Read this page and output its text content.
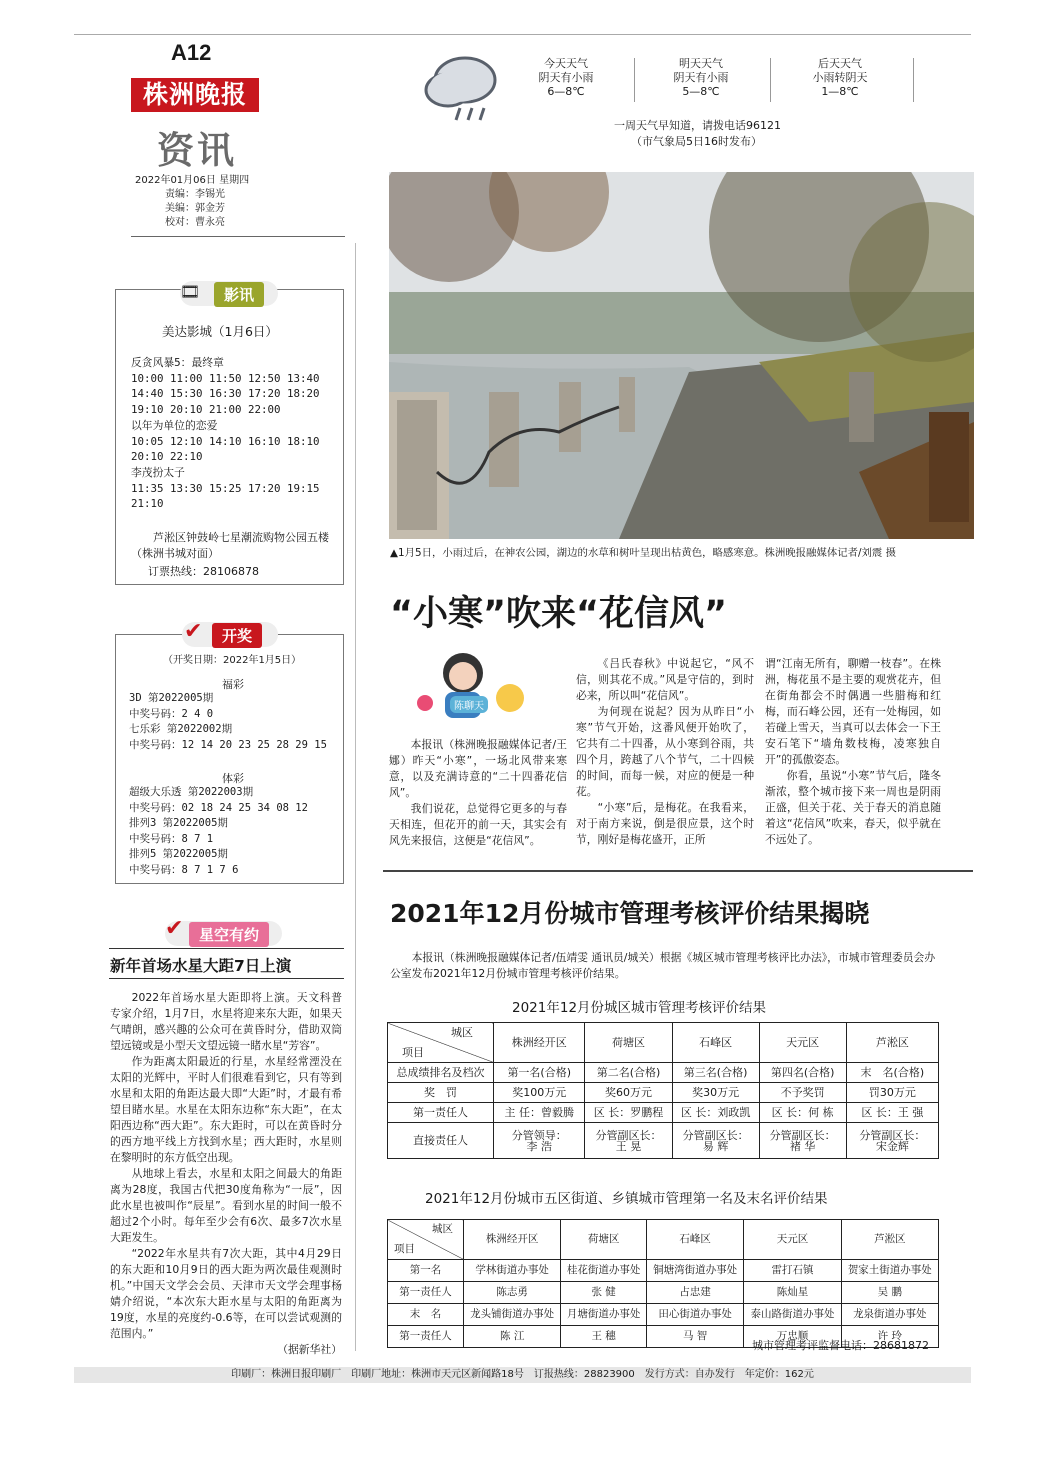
A12
株洲晚报
资讯
2022年01月06日 星期四
责编：李锡光
美编：郭金芳
校对：曹永亮
今天天气
阴天有小雨
6—8℃
明天天气
阴天有小雨
5—8℃
后天天气
小雨转阴天
1—8℃
一周天气早知道，请拨电话96121
（市气象局5日16时发布）
🎞	影讯
美达影城（1月6日）
反贪风暴5：最终章
10:00 11:00 11:50 12:50 13:40
14:40 15:30 16:30 17:20 18:20
19:10 20:10 21:00 22:00
以年为单位的恋爱
10:05 12:10 14:10 16:10 18:10
20:10 22:10
李茂扮太子
11:35 13:30 15:25 17:20 19:15
21:10
芦淞区钟鼓岭七星潮流购物公园五楼（株洲书城对面）
订票热线：28106878
✔	开奖
（开奖日期：2022年1月5日）
福彩
3D 第2022005期
中奖号码：2 4 0
七乐彩 第2022002期
中奖号码：12 14 20 23 25 28 29 15
体彩
超级大乐透 第2022003期
中奖号码：02 18 24 25 34 08 12
排列3 第2022005期
中奖号码：8 7 1
排列5 第2022005期
中奖号码：8 7 1 7 6
✔	星空有约
新年首场水星大距7日上演

2022年首场水星大距即将上演。天文科普专家介绍，1月7日，水星将迎来东大距，如果天气晴朗，感兴趣的公众可在黄昏时分，借助双筒望远镜或是小型天文望远镜一睹水星“芳容”。

作为距离太阳最近的行星，水星经常湮没在太阳的光辉中，平时人们很难看到它，只有等到水星和太阳的角距达最大即“大距”时，才最有希望目睹水星。水星在太阳东边称“东大距”，在太阳西边称“西大距”。东大距时，可以在黄昏时分的西方地平线上方找到水星；西大距时，水星则在黎明时的东方低空出现。

从地球上看去，水星和太阳之间最大的角距离为28度，我国古代把30度角称为“一辰”，因此水星也被叫作“辰星”。看到水星的时间一般不超过2个小时。每年至少会有6次、最多7次水星大距发生。

“2022年水星共有7次大距，其中4月29日的东大距和10月9日的西大距为两次最佳观测时机。”中国天文学会会员、天津市天文学会理事杨婧介绍说，“本次东大距水星与太阳的角距离为19度，水星的亮度约-0.6等，在可以尝试观测的范围内。”

（据新华社）
▲1月5日，小雨过后，在神农公园，湖边的水草和树叶呈现出枯黄色，略感寒意。株洲晚报融媒体记者/刘震 摄
“小寒”吹来“花信风”
陈聊天

本报讯（株洲晚报融媒体记者/王娜）昨天“小寒”，一场北风带来寒意，以及充满诗意的“二十四番花信风”。

我们说花，总觉得它更多的与春天相连，但花开的前一天，其实会有风先来报信，这便是“花信风”。

《吕氏春秋》中说起它，“风不信，则其花不成。”风是守信的，到时必来，所以叫“花信风”。

为何现在说起？因为从昨日“小寒”节气开始，这番风便开始吹了，它共有二十四番，从小寒到谷雨，共四个月，跨越了八个节气，二十四候的时间，而每一候，对应的便是一种花。

“小寒”后，是梅花。在我看来，对于南方来说，倒是很应景，这个时节，刚好是梅花盛开，正所

谓“江南无所有，聊赠一枝春”。在株洲，梅花虽不是主要的观赏花卉，但在街角都会不时偶遇一些腊梅和红梅，而石峰公园，还有一处梅园，如若碰上雪天，当真可以去体会一下王安石笔下“墙角数枝梅，凌寒独自开”的孤傲姿态。

你看，虽说“小寒”节气后，隆冬渐浓，整个城市接下来一周也是阴雨正盛，但关于花、关于春天的消息随着这“花信风”吹来，春天，似乎就在不远处了。

2021年12月份城市管理考核评价结果揭晓
本报讯（株洲晚报融媒体记者/伍靖雯 通讯员/城关）根据《城区城市管理考核评比办法》，市城市管理委员会办公室发布2021年12月份城市管理考核评价结果。
2021年12月份城区城市管理考核评价结果
城区
项目	株洲经开区	荷塘区	石峰区	天元区	芦淞区
总成绩排名及档次	第一名(合格)	第二名(合格)	第三名(合格)	第四名(合格)	末　名(合格)
奖　罚	奖100万元	奖60万元	奖30万元	不予奖罚	罚30万元
第一责任人	主 任：曾毅腾	区 长：罗鹏程	区 长：刘政凯	区 长：何 栋	区 长：王 强
直接责任人	分管领导：李 浩	分管副区长：王 晃	分管副区长：易 辉	分管副区长：褚 华	分管副区长：宋金辉
2021年12月份城市五区街道、乡镇城市管理第一名及末名评价结果
城区
项目	株洲经开区	荷塘区	石峰区	天元区	芦淞区
第一名	学林街道办事处	桂花街道办事处	铜塘湾街道办事处	雷打石镇	贺家土街道办事处
第一责任人	陈志勇	张 健	占忠建	陈灿星	吴 鹏
末　名	龙头铺街道办事处	月塘街道办事处	田心街道办事处	泰山路街道办事处	龙泉街道办事处
第一责任人	陈 江	王 穗	马 智	万忠顺	许 玲
城市管理考评监督电话：28681872
印刷厂：株洲日报印刷厂　印刷厂地址：株洲市天元区新闻路18号　订报热线：28823900　发行方式：自办发行　年定价：162元
